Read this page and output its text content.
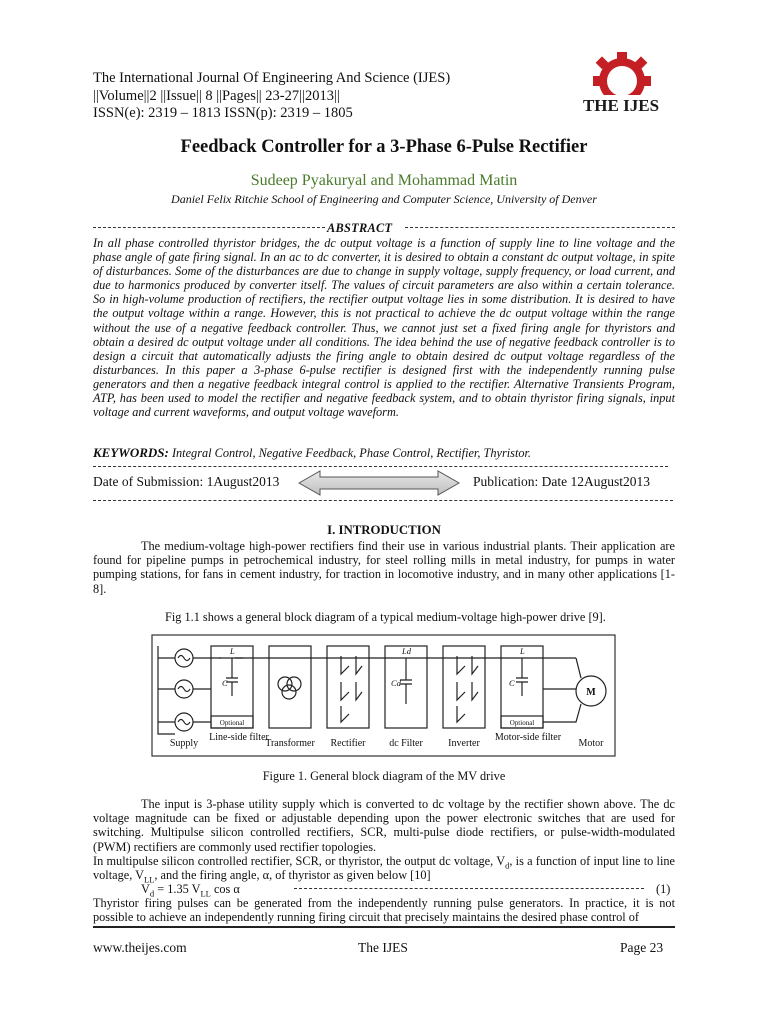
The International Journal Of Engineering And Science (IJES)
||Volume||2 ||Issue|| 8 ||Pages|| 23-27||2013||
ISSN(e): 2319 – 1813 ISSN(p): 2319 – 1805	THE IJES
Feedback Controller for a 3-Phase 6-Pulse Rectifier
Sudeep Pyakuryal and Mohammad Matin
Daniel Felix Ritchie School of Engineering and Computer Science, University of Denver
ABSTRACT
In all phase controlled thyristor bridges, the dc output voltage is a function of supply line to line voltage and the phase angle of gate firing signal. In an ac to dc converter, it is desired to obtain a constant dc output voltage, in spite of disturbances. Some of the disturbances are due to change in supply voltage, supply frequency, or load current, and due to harmonics produced by converter itself. The values of circuit parameters are also within a certain tolerance. So in high-volume production of rectifiers, the rectifier output voltage lies in some distribution. It is desired to have the output voltage within a range. However, this is not practical to achieve the dc output voltage within the range without the use of a negative feedback controller. Thus, we cannot just set a fixed firing angle for thyristors and obtain a desired dc output voltage under all conditions. The idea behind the use of negative feedback controller is to design a circuit that automatically adjusts the firing angle to obtain desired dc output voltage regardless of the disturbances. In this paper a 3-phase 6-pulse rectifier is designed first with the independently running pulse generators and then a negative feedback integral control is applied to the rectifier. Alternative Transients Program, ATP, has been used to model the rectifier and negative feedback system, and to obtain thyristor firing signals, input voltage and current waveforms, and output voltage waveform.
KEYWORDS: Integral Control, Negative Feedback, Phase Control, Rectifier, Thyristor.
Date of Submission: 1August2013	Publication: Date 12August2013
I. INTRODUCTION
The medium-voltage high-power rectifiers find their use in various industrial plants. Their application are found for pipeline pumps in petrochemical industry, for steel rolling mills in metal industry, for pumps in water pumping stations, for fans in cement industry, for traction in locomotive industry, and in many other applications [1-8].
Fig 1.1 shows a general block diagram of a typical medium-voltage high-power drive [9].
L
C
Ld
Cd
L
C
Optional	Optional
M
Supply
Line-side filter
Transformer Rectifier dc Filter	Inverter
Motor-side filter
Motor
Figure 1. General block diagram of the MV drive
The input is 3-phase utility supply which is converted to dc voltage by the rectifier shown above. The dc voltage magnitude can be fixed or adjustable depending upon the power electronic switches that are used for switching. Multipulse silicon controlled rectifiers, SCR, multi-pulse diode rectifiers, or pulse-width-modulated (PWM) rectifiers are commonly used rectifier topologies.
In multipulse silicon controlled rectifier, SCR, or thyristor, the output dc voltage, $V_d$, is a function of input line to line voltage, $V_{LL}$, and the firing angle, α, of thyristor as given below [10]
$V_d = 1.35$ $V_{LL}$ cos α	(1)
Thyristor firing pulses can be generated from the independently running pulse generators. In practice, it is not possible to achieve an independently running firing circuit that precisely maintains the desired phase control of
www.theijes.com	The IJES	Page 23
